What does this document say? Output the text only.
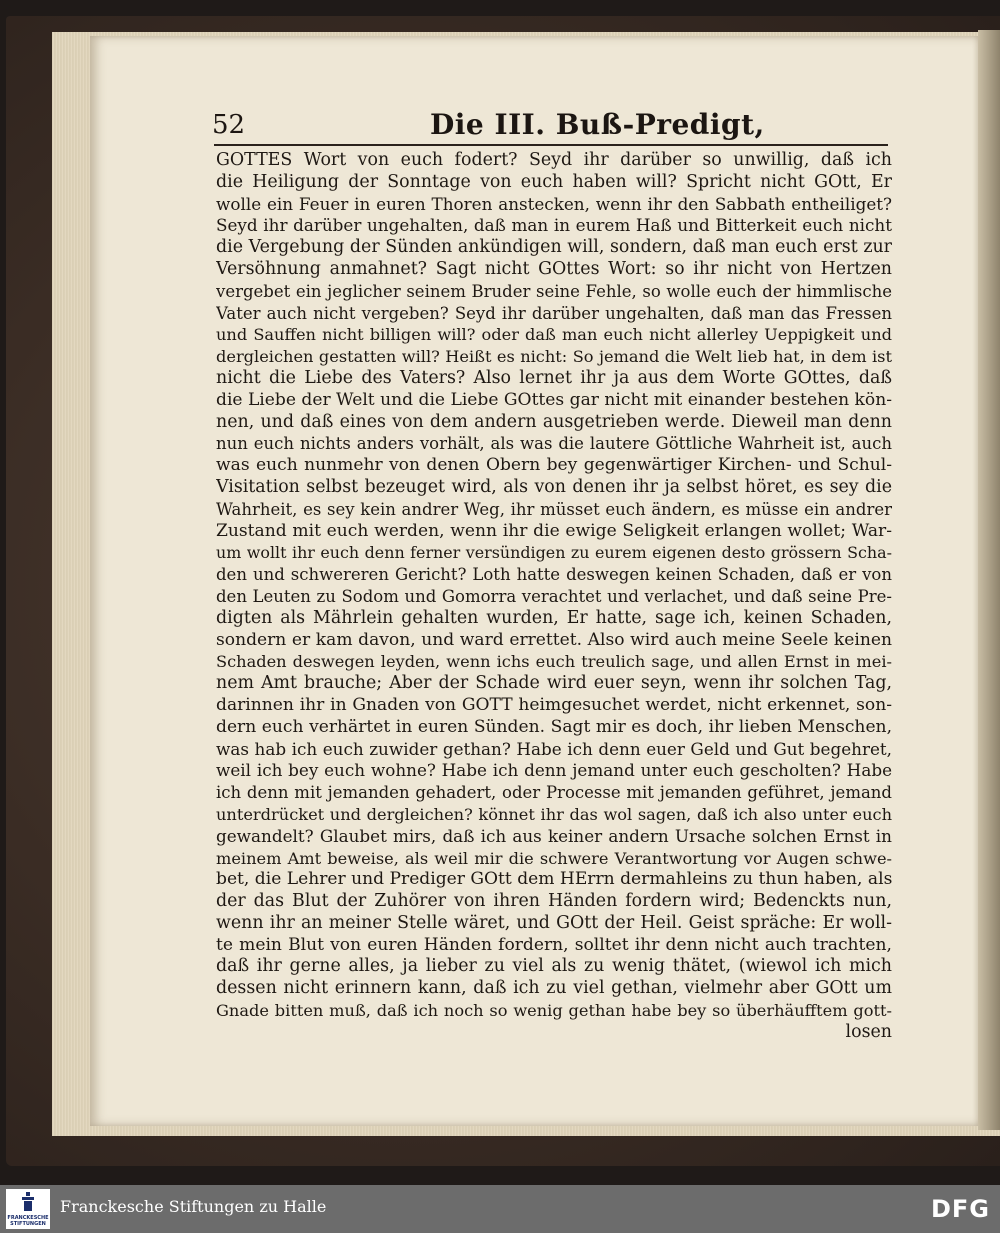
52	Die III. Buß-Predigt,
GOTTES Wort von euch fodert? Seyd ihr darüber so unwillig, daß ich
die Heiligung der Sonntage von euch haben will? Spricht nicht GOtt, Er
wolle ein Feuer in euren Thoren anstecken, wenn ihr den Sabbath entheiliget?
Seyd ihr darüber ungehalten, daß man in eurem Haß und Bitterkeit euch nicht
die Vergebung der Sünden ankündigen will, sondern, daß man euch erst zur
Versöhnung anmahnet? Sagt nicht GOttes Wort: so ihr nicht von Hertzen
vergebet ein jeglicher seinem Bruder seine Fehle, so wolle euch der himmlische
Vater auch nicht vergeben? Seyd ihr darüber ungehalten, daß man das Fressen
und Sauffen nicht billigen will? oder daß man euch nicht allerley Ueppigkeit und
dergleichen gestatten will? Heißt es nicht: So jemand die Welt lieb hat, in dem ist
nicht die Liebe des Vaters? Also lernet ihr ja aus dem Worte GOttes, daß
die Liebe der Welt und die Liebe GOttes gar nicht mit einander bestehen kön-
nen, und daß eines von dem andern ausgetrieben werde. Dieweil man denn
nun euch nichts anders vorhält, als was die lautere Göttliche Wahrheit ist, auch
was euch nunmehr von denen Obern bey gegenwärtiger Kirchen- und Schul-
Visitation selbst bezeuget wird, als von denen ihr ja selbst höret, es sey die
Wahrheit, es sey kein andrer Weg, ihr müsset euch ändern, es müsse ein andrer
Zustand mit euch werden, wenn ihr die ewige Seligkeit erlangen wollet; War-
um wollt ihr euch denn ferner versündigen zu eurem eigenen desto grössern Scha-
den und schwereren Gericht? Loth hatte deswegen keinen Schaden, daß er von
den Leuten zu Sodom und Gomorra verachtet und verlachet, und daß seine Pre-
digten als Mährlein gehalten wurden, Er hatte, sage ich, keinen Schaden,
sondern er kam davon, und ward errettet. Also wird auch meine Seele keinen
Schaden deswegen leyden, wenn ichs euch treulich sage, und allen Ernst in mei-
nem Amt brauche; Aber der Schade wird euer seyn, wenn ihr solchen Tag,
darinnen ihr in Gnaden von GOTT heimgesuchet werdet, nicht erkennet, son-
dern euch verhärtet in euren Sünden. Sagt mir es doch, ihr lieben Menschen,
was hab ich euch zuwider gethan? Habe ich denn euer Geld und Gut begehret,
weil ich bey euch wohne? Habe ich denn jemand unter euch gescholten? Habe
ich denn mit jemanden gehadert, oder Processe mit jemanden geführet, jemand
unterdrücket und dergleichen? könnet ihr das wol sagen, daß ich also unter euch
gewandelt? Glaubet mirs, daß ich aus keiner andern Ursache solchen Ernst in
meinem Amt beweise, als weil mir die schwere Verantwortung vor Augen schwe-
bet, die Lehrer und Prediger GOtt dem HErrn dermahleins zu thun haben, als
der das Blut der Zuhörer von ihren Händen fordern wird; Bedenckts nun,
wenn ihr an meiner Stelle wäret, und GOtt der Heil. Geist spräche: Er woll-
te mein Blut von euren Händen fordern, solltet ihr denn nicht auch trachten,
daß ihr gerne alles, ja lieber zu viel als zu wenig thätet, (wiewol ich mich
dessen nicht erinnern kann, daß ich zu viel gethan, vielmehr aber GOtt um
Gnade bitten muß, daß ich noch so wenig gethan habe bey so überhäufftem gott-
losen
FRANCKESCHE STIFTUNGEN
Franckesche Stiftungen zu Halle	DFG
